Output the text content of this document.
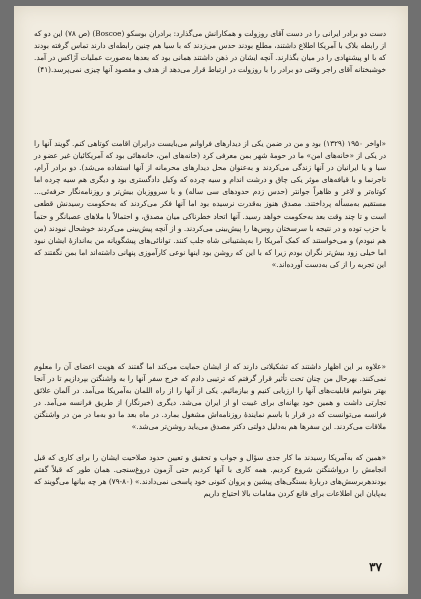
دست دو برادر ایرانی را در دست آقای روزولت و همکارانش می‌گذارد: برادران بوسکو (Boscoe) (ص ۷۸) این دو که از رابطه بلاک با آمریکا اطلاع داشتند، مطلع بودند حدس می‌زدند که با سیا هم چنین رابطه‌ای دارند تماس گرفته بودند که با او پیشنهادی را در میان بگذارند. آنچه ایشان در ذهن داشتند همانی بود که بعدها به‌صورت عملیات آژاکس در آمد. خوشبختانه آقای راجر وقتی دو برادر را با روزولت در ارتباط قرار می‌دهد از هدف و مقصود آنها چیزی نمی‌پرسد.(۴۱)

«اواخر ۱۹۵۰ (۱۳۲۹) بود و من در ضمن یکی از دیدارهای فراوانم می‌بایست درایران اقامت کوتاهی کنم. گویند آنها را در یکی از «خانه‌های امن» ما در حومهٔ شهر بمن معرفی کرد (خانه‌های امن، خانه‌هائی بود که آمریکائیان غیر عضو در سیا و یا ایرانیان در آنها زندگی می‌کردند و به‌عنوان محل دیدارهای محرمانه از آنها استفاده می‌شد). دو برادر آرام، تاجرنما و با قیافه‌های موثر یکی چاق و درشت اندام و سیه چرده که وکیل دادگستری بود و دیگری هم سیه چرده اما کوتاه‌تر و لاغر و ظاهراً جوانتر (حدس زدم حدودهای سی ساله) و با سرووزبان بیش‌تر و روزنامه‌نگار حرفه‌ئی... مستقیم به‌مسأله پرداختند. مصدق هنوز به‌قدرت نرسیده بود اما آنها فکر می‌کردند که به‌حکومت رسیدنش قطعی است و تا چند وقت بعد به‌حکومت خواهد رسید. آنها اتحاد خطرناکی میان مصدق، و احتمالاً با ملاهای عصبانگر و حتماً با حزب توده و در نتیجه با سرسختان روس‌ها را پیش‌بینی می‌کردند. و از آنچه پیش‌بینی می‌کردند خوشحال نبودند (من هم نبودم) و می‌خواستند که کمک آمریکا را به‌پشتیبانی شاه جلب کنند. توانائی‌های پیشگویانه من به‌اندازهٔ ایشان نبود اما خیلی زود بیش‌تر نگران بودم زیرا که با این که روشن بود اینها نوعی کارآموزی پنهانی داشته‌اند اما بمن نگفتند که این تجربه را از کی به‌دست آورده‌اند.»

«علاوه بر این اظهار داشتند که تشکیلاتی دارند که از ایشان حمایت می‌کند اما گفتند که هویت اعضای آن را معلوم نمی‌کنند. بهرحال من چنان تحت تأثیر قرار گرفتم که ترتیبی دادم که خرج سفر آنها را به واشنگتن بپردازیم تا در آنجا بهتر بتوانیم قابلیت‌های آنها را ارزیابی کنیم و بیازمائیم. یکی از آنها را از راه اللمان به‌آمریکا می‌آمد. در آلمان علائق تجارتی داشت و همین خود بهانه‌ای برای غیبت او از ایران می‌شد. دیگری (خبرنگار) از طریق فرانسه می‌آمد. در فرانسه می‌توانست که در قرار با باسم نمایندهٔ روزنامه‌اش مشغول بمارد. در ماه بعد ما دو به‌ما در من در واشنگتن ملاقات می‌کردند. این سفرها هم به‌دلیل دولتی دکتر مصدق می‌باید روشن‌تر می‌شد.»

«همین که به‌آمریکا رسیدند ما کار جدی سؤال و جواب و تحقیق و تعیین حدود صلاحیت ایشان را برای کاری که قبل انجامش را درواشنگتن شروع کردیم. همه کاری با آنها کردیم حتی آزمون دروغ‌سنجی. همان طور که قبلاً گفتم بودند‌هربرسش‌های دربارهٔ بستگی‌های پیشین و پروان کنونی خود پاسخی نمی‌دادند.» (۸۰-۷۹) هر چه بیانها می‌گویند که به‌پایان این اطلاعات برای قانع کردن مقامات بالا احتیاج داریم

۳۷
